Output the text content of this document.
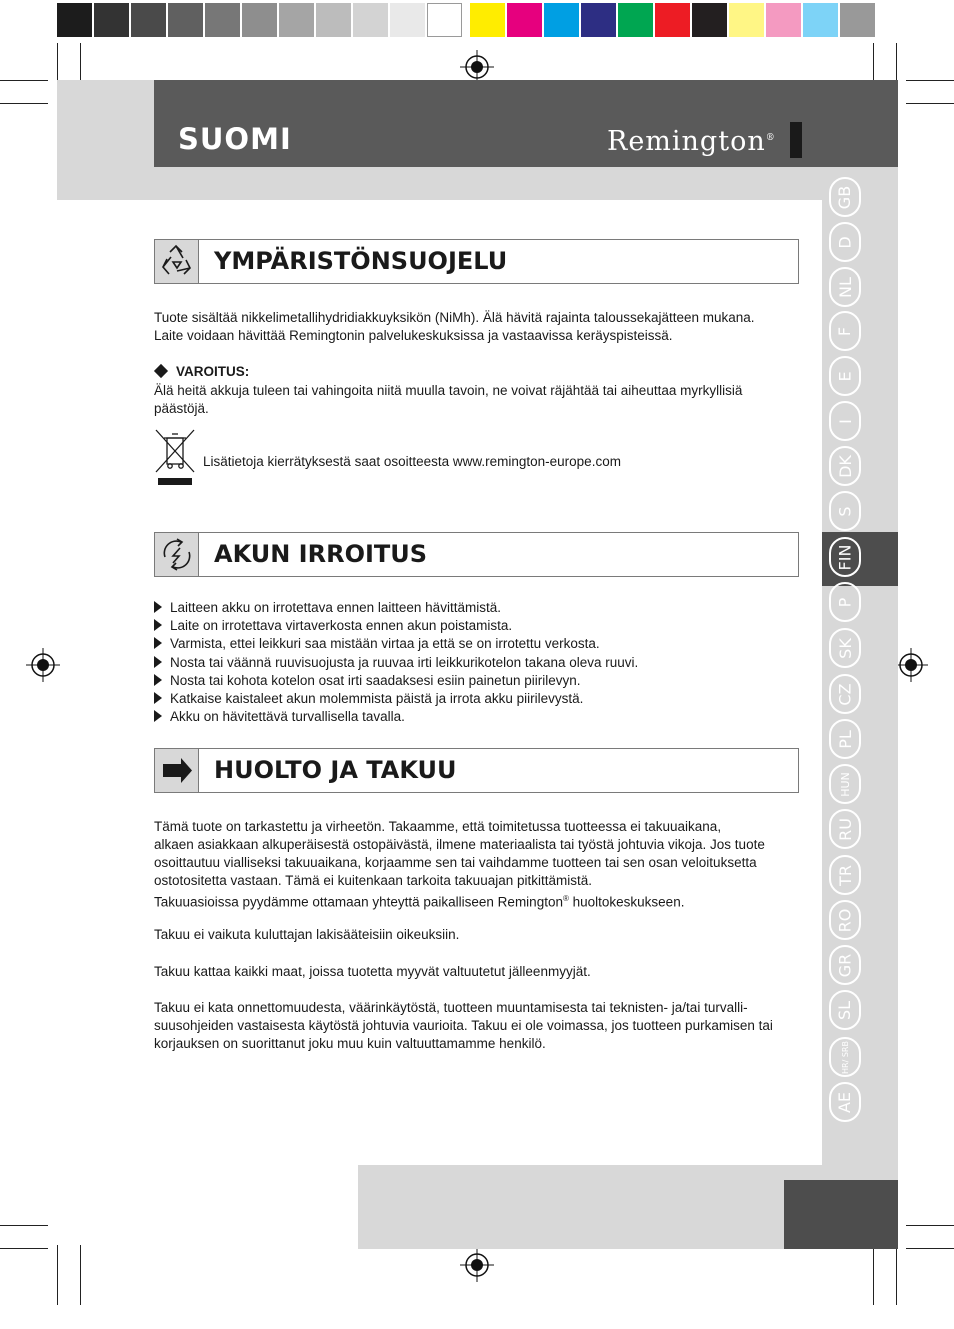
SUOMI	Remington®
GB
D
NL
F
E
I
DK
S
FIN
P
SK
CZ
PL
HUN
RU
TR
RO
GR
SL
HR/ SRB
AE
YMPÄRISTÖNSUOJELU
Tuote sisältää nikkelimetallihydridiakkuyksikön (NiMh). Älä hävitä rajainta taloussekajätteen mukana.
Laite voidaan hävittää Remingtonin palvelukeskuksissa ja vastaavissa keräyspisteissä.
VAROITUS:
Älä heitä akkuja tuleen tai vahingoita niitä muulla tavoin, ne voivat räjähtää tai aiheuttaa myrkyllisiä
päästöjä.
Lisätietoja kierrätyksestä saat osoitteesta www.remington-europe.com
AKUN IRROITUS
Laitteen akku on irrotettava ennen laitteen hävittämistä.
Laite on irrotettava virtaverkosta ennen akun poistamista.
Varmista, ettei leikkuri saa mistään virtaa ja että se on irrotettu verkosta.
Nosta tai väännä ruuvisuojusta ja ruuvaa irti leikkurikotelon takana oleva ruuvi.
Nosta tai kohota kotelon osat irti saadaksesi esiin painetun piirilevyn.
Katkaise kaistaleet akun molemmista päistä ja irrota akku piirilevystä.
Akku on hävitettävä turvallisella tavalla.
HUOLTO JA TAKUU
Tämä tuote on tarkastettu ja virheetön. Takaamme, että toimitetussa tuotteessa ei takuuaikana,
alkaen asiakkaan alkuperäisestä ostopäivästä, ilmene materiaalista tai työstä johtuvia vikoja. Jos tuote
osoittautuu vialliseksi takuuaikana, korjaamme sen tai vaihdamme tuotteen tai sen osan veloituksetta
ostotositetta vastaan. Tämä ei kuitenkaan tarkoita takuuajan pitkittämistä.
Takuuasioissa pyydämme ottamaan yhteyttä paikalliseen Remington® huoltokeskukseen.
Takuu ei vaikuta kuluttajan lakisääteisiin oikeuksiin.
Takuu kattaa kaikki maat, joissa tuotetta myyvät valtuutetut jälleenmyyjät.
Takuu ei kata onnettomuudesta, väärinkäytöstä, tuotteen muuntamisesta tai teknisten- ja/tai turvalli-
suusohjeiden vastaisesta käytöstä johtuvia vaurioita. Takuu ei ole voimassa, jos tuotteen purkamisen tai
korjauksen on suorittanut joku muu kuin valtuuttamamme henkilö.
